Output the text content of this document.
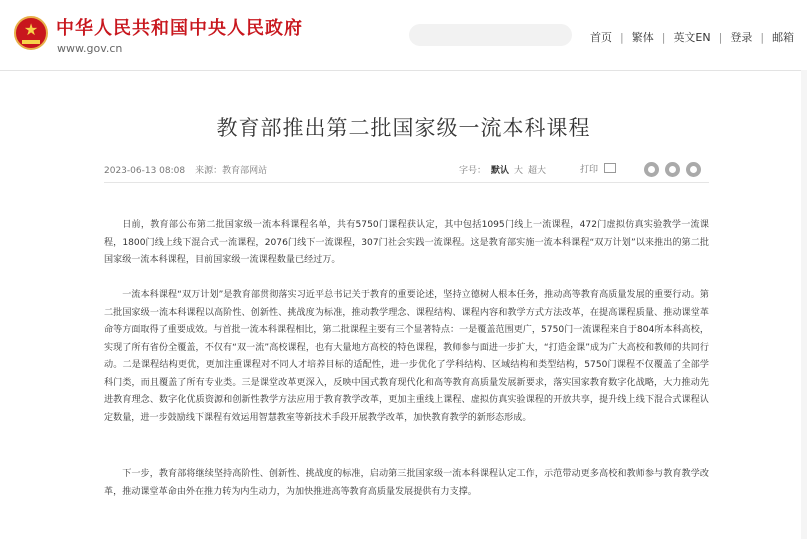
★ 中华人民共和国中央人民政府
www.gov.cn
首页 | 繁体 | 英文EN | 登录 | 邮箱
教育部推出第二批国家级一流本科课程
2023-06-13 08:08 来源：教育部网站	字号： 默认 大 超大	打印

日前，教育部公布第二批国家级一流本科课程名单，共有5750门课程获认定，其中包括1095门线上一流课程，472门虚拟仿真实验教学一流课程，1800门线上线下混合式一流课程，2076门线下一流课程，307门社会实践一流课程。这是教育部实施一流本科课程“双万计划”以来推出的第二批国家级一流本科课程，目前国家级一流课程数量已经过万。

一流本科课程“双万计划”是教育部贯彻落实习近平总书记关于教育的重要论述，坚持立德树人根本任务，推动高等教育高质量发展的重要行动。第二批国家级一流本科课程以高阶性、创新性、挑战度为标准，推动教学理念、课程结构、课程内容和教学方式方法改革，在提高课程质量、推动课堂革命等方面取得了重要成效。与首批一流本科课程相比，第二批课程主要有三个显著特点：一是覆盖范围更广，5750门一流课程来自于804所本科高校，实现了所有省份全覆盖，不仅有“双一流”高校课程，也有大量地方高校的特色课程，教师参与面进一步扩大，“打造金课”成为广大高校和教师的共同行动。二是课程结构更优，更加注重课程对不同人才培养目标的适配性，进一步优化了学科结构、区域结构和类型结构，5750门课程不仅覆盖了全部学科门类，而且覆盖了所有专业类。三是课堂改革更深入，反映中国式教育现代化和高等教育高质量发展新要求，落实国家教育数字化战略，大力推动先进教育理念、数字化优质资源和创新性教学方法应用于教育教学改革，更加主重线上课程、虚拟仿真实验课程的开放共享，提升线上线下混合式课程认定数量，进一步鼓励线下课程有效运用智慧教室等新技术手段开展教学改革，加快教育教学的新形态形成。

下一步，教育部将继续坚持高阶性、创新性、挑战度的标准，启动第三批国家级一流本科课程认定工作，示范带动更多高校和教师参与教育教学改革，推动课堂革命由外在推力转为内生动力，为加快推进高等教育高质量发展提供有力支撑。
